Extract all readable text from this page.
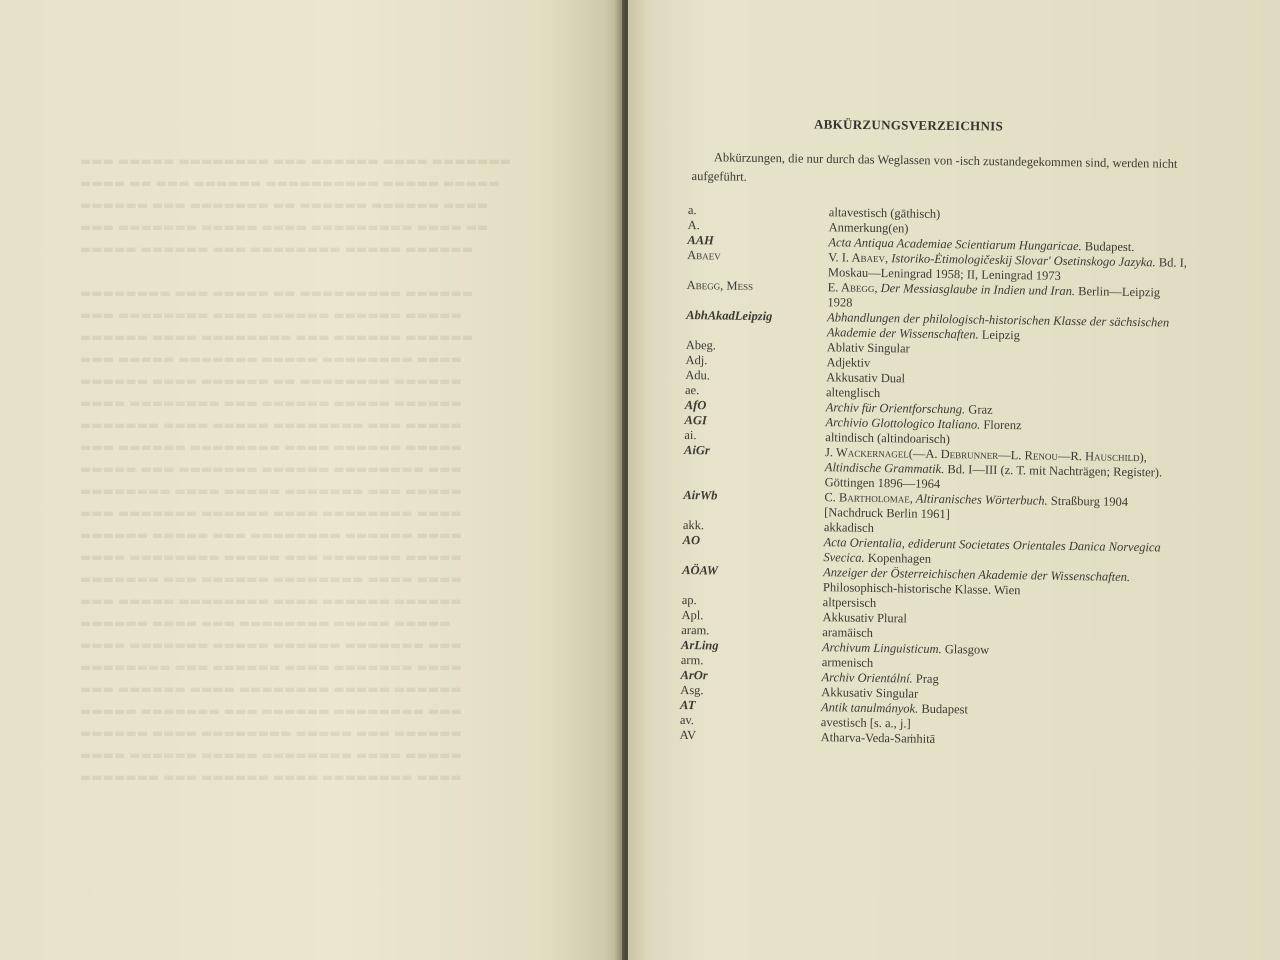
▬▬▬ ▬▬▬▬▬ ▬▬▬▬▬▬▬▬ ▬▬▬ ▬▬▬▬▬▬ ▬▬▬▬ ▬▬▬▬▬▬▬
▬▬▬▬ ▬▬ ▬▬▬ ▬▬▬▬▬▬ ▬▬▬▬▬▬▬▬▬▬ ▬▬▬▬▬ ▬▬▬▬▬
▬▬▬▬▬▬ ▬▬▬ ▬▬▬▬▬▬▬ ▬▬ ▬▬▬▬▬▬ ▬▬▬▬▬▬ ▬▬▬▬
▬▬▬ ▬▬▬▬▬▬▬ ▬▬▬▬▬ ▬▬▬▬ ▬▬▬▬▬▬▬▬▬ ▬▬▬▬ ▬▬
▬▬▬▬▬ ▬▬▬▬▬▬ ▬▬▬ ▬▬▬▬▬▬▬▬ ▬▬▬▬▬ ▬▬▬▬▬▬

▬▬▬▬▬▬▬▬ ▬▬▬ ▬▬▬▬▬ ▬▬ ▬▬▬▬▬▬▬▬▬ ▬▬▬▬▬▬
▬▬▬ ▬▬▬▬▬▬▬▬ ▬▬▬▬ ▬▬▬▬▬▬ ▬▬▬▬▬▬ ▬▬▬▬▬
▬▬▬▬▬▬ ▬▬▬▬ ▬▬▬▬▬▬▬▬ ▬▬▬ ▬▬▬▬▬▬ ▬▬▬▬▬▬
▬▬▬ ▬▬▬▬▬ ▬▬▬▬▬▬▬ ▬▬▬▬▬ ▬▬▬▬▬▬▬▬ ▬▬▬▬
▬▬▬▬▬▬ ▬▬▬▬ ▬▬▬▬▬▬ ▬▬ ▬▬▬▬▬▬▬▬ ▬▬▬▬▬▬
▬▬▬▬ ▬▬▬▬▬▬▬▬ ▬▬▬ ▬▬▬▬▬▬ ▬▬▬▬▬ ▬▬▬▬▬▬
▬▬▬▬▬▬▬ ▬▬▬▬ ▬▬▬▬▬ ▬▬▬▬▬▬▬▬ ▬▬▬ ▬▬▬▬▬
▬▬▬ ▬▬▬▬▬▬ ▬▬▬▬▬▬▬▬ ▬▬▬▬ ▬▬▬▬▬▬ ▬▬▬▬▬
▬▬▬▬▬ ▬▬▬ ▬▬▬▬▬▬▬ ▬▬▬▬▬▬ ▬▬▬▬▬▬▬▬ ▬▬▬
▬▬▬▬▬▬▬▬ ▬▬▬▬ ▬▬▬▬▬ ▬▬▬▬▬▬▬ ▬▬▬ ▬▬▬▬▬
▬▬▬ ▬▬▬▬▬▬▬ ▬▬▬▬▬▬ ▬▬▬▬ ▬▬▬▬▬▬▬▬ ▬▬▬▬
▬▬▬▬▬▬ ▬▬▬▬▬ ▬▬▬ ▬▬▬▬▬▬▬▬ ▬▬▬▬▬▬ ▬▬▬▬
▬▬▬▬ ▬▬▬▬▬▬▬▬ ▬▬▬▬▬ ▬▬▬ ▬▬▬▬▬▬▬ ▬▬▬▬▬
▬▬▬▬▬▬▬ ▬▬▬ ▬▬▬▬▬▬ ▬▬▬▬▬▬▬▬ ▬▬▬▬ ▬▬▬▬
▬▬▬ ▬▬▬▬▬ ▬▬▬▬▬▬▬▬ ▬▬▬▬ ▬▬▬▬▬▬ ▬▬▬▬▬▬
▬▬▬▬▬▬ ▬▬▬▬ ▬▬▬ ▬▬▬▬▬▬▬▬ ▬▬▬▬▬ ▬▬▬▬▬
▬▬▬▬ ▬▬▬▬▬▬▬ ▬▬▬▬▬ ▬▬▬▬▬▬ ▬▬▬▬▬▬▬ ▬▬▬
▬▬▬▬▬▬▬▬ ▬▬▬ ▬▬▬▬▬▬ ▬▬▬▬ ▬▬▬▬▬▬▬ ▬▬▬▬
▬▬▬ ▬▬▬▬▬▬ ▬▬▬▬ ▬▬▬▬▬▬▬▬ ▬▬▬▬▬ ▬▬▬▬▬▬
▬▬▬▬▬ ▬▬▬▬▬▬▬ ▬▬▬ ▬▬▬▬▬▬ ▬▬▬▬▬▬▬▬ ▬▬▬
▬▬▬▬▬▬ ▬▬▬▬ ▬▬▬▬▬▬▬▬ ▬▬▬▬▬ ▬▬▬ ▬▬▬▬▬▬
▬▬▬▬ ▬▬▬▬▬▬ ▬▬▬▬▬ ▬▬▬▬▬▬▬▬ ▬▬▬▬ ▬▬▬▬▬
▬▬▬▬▬▬▬ ▬▬▬ ▬▬▬▬▬▬ ▬▬▬▬ ▬▬▬▬▬▬▬▬ ▬▬▬▬
ABKÜRZUNGSVERZEICHNIS

Abkürzungen, die nur durch das Weglassen von -isch zustandegekommen sind, werden nicht aufgeführt.

a.	altavestisch (gāthisch)
A.	Anmerkung(en)
AAH	Acta Antiqua Academiae Scientiarum Hungaricae. Budapest.
Abaev	V. I. Abaev, Istoriko-Ėtimologičeskij Slovar' Osetinskogo Jazyka. Bd. I, Moskau—Leningrad 1958; II, Leningrad 1973
Abegg, Mess	E. Abegg, Der Messiasglaube in Indien und Iran. Berlin—Leipzig 1928
AbhAkadLeipzig	Abhandlungen der philologisch-historischen Klasse der sächsischen Akademie der Wissenschaften. Leipzig
Abeg.	Ablativ Singular
Adj.	Adjektiv
Adu.	Akkusativ Dual
ae.	altenglisch
AfO	Archiv für Orientforschung. Graz
AGI	Archivio Glottologico Italiano. Florenz
ai.	altindisch (altindoarisch)
AiGr	J. Wackernagel(—A. Debrunner—L. Renou—R. Hauschild), Altindische Grammatik. Bd. I—III (z. T. mit Nachträgen; Register). Göttingen 1896—1964
AirWb	C. Bartholomae, Altiranisches Wörterbuch. Straßburg 1904 [Nachdruck Berlin 1961]
akk.	akkadisch
AO	Acta Orientalia, ediderunt Societates Orientales Danica Norvegica Svecica. Kopenhagen
AÖAW	Anzeiger der Österreichischen Akademie der Wissenschaften. Philosophisch-historische Klasse. Wien
ap.	altpersisch
Apl.	Akkusativ Plural
aram.	aramäisch
ArLing	Archivum Linguisticum. Glasgow
arm.	armenisch
ArOr	Archiv Orientální. Prag
Asg.	Akkusativ Singular
AT	Antik tanulmányok. Budapest
av.	avestisch [s. a., j.]
AV	Atharva-Veda-Saṁhitā
